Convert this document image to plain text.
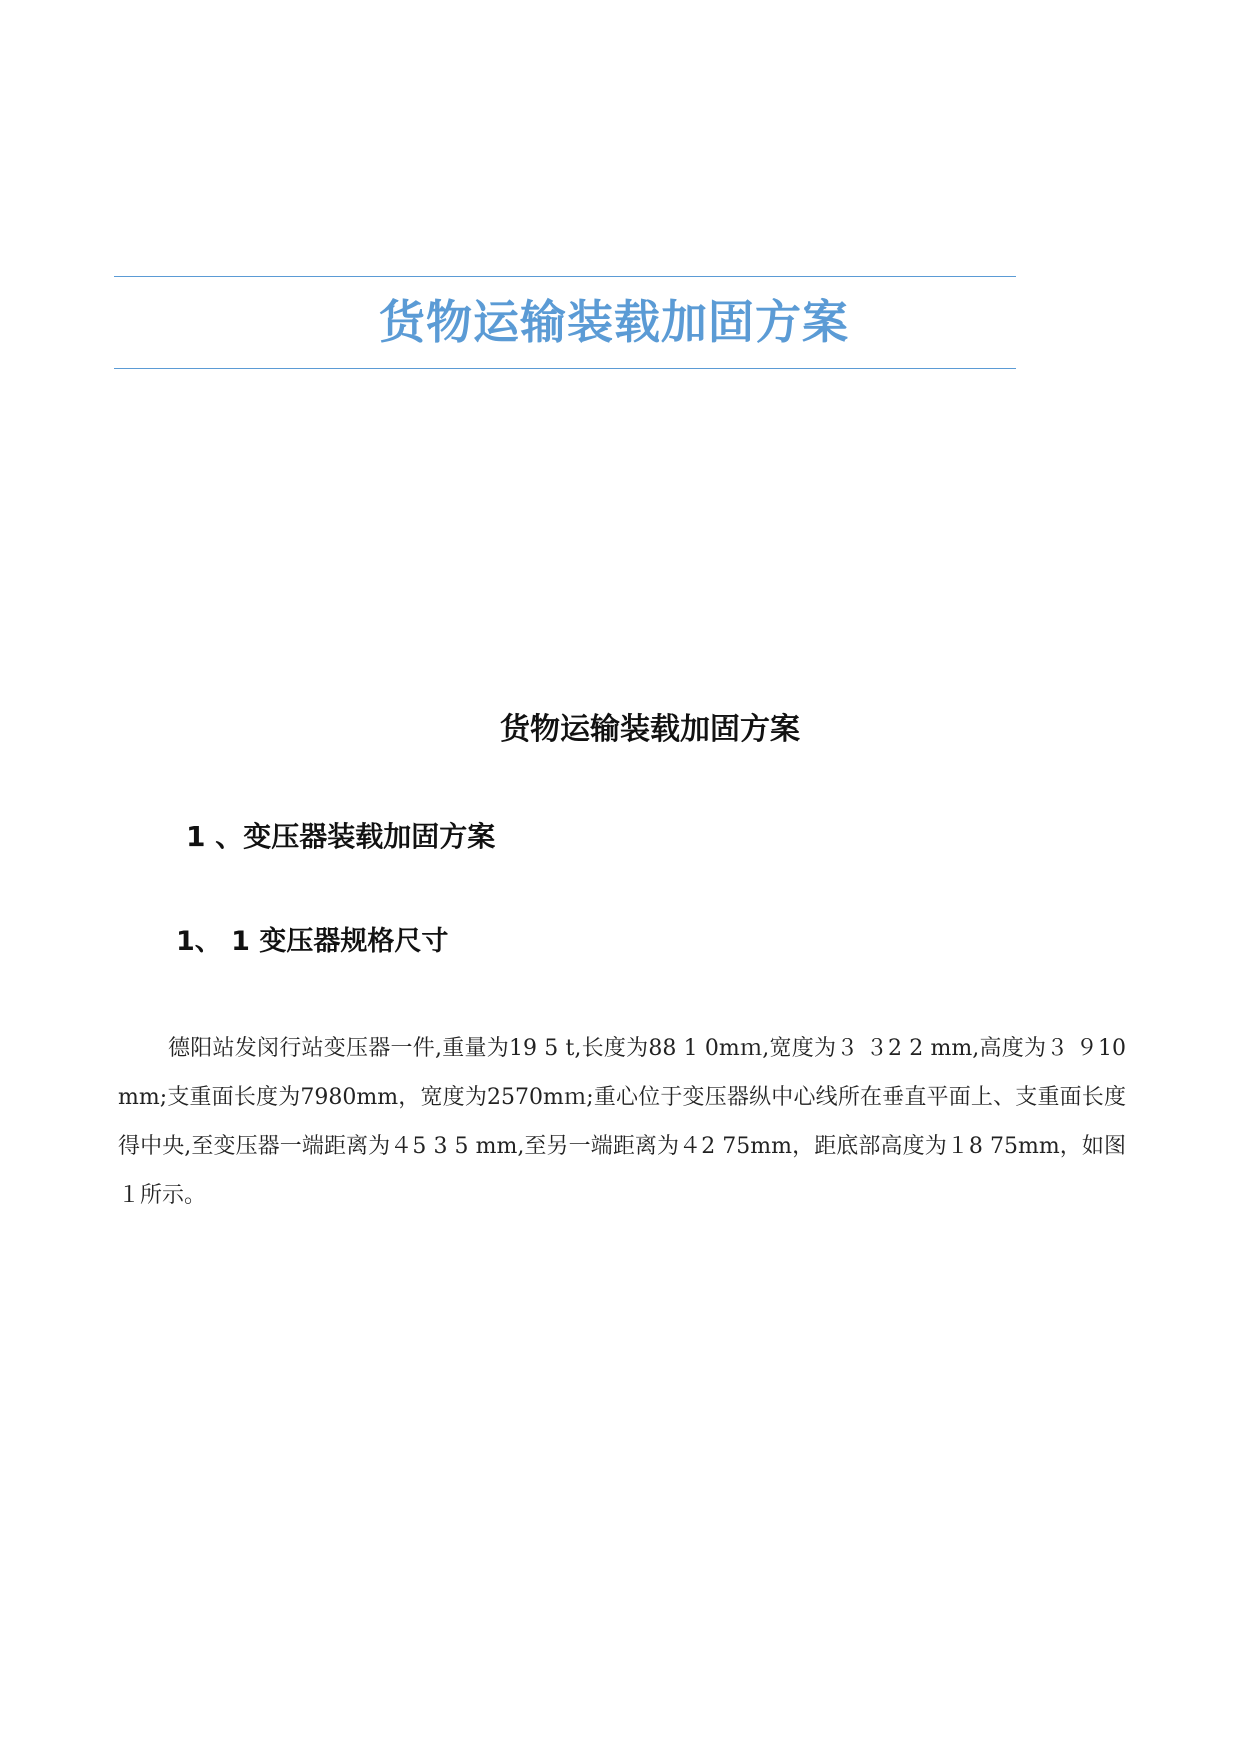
货物运输装载加固方案
货物运输装载加固方案
1 、变压器装载加固方案
1、 1 变压器规格尺寸

德阳站发闵行站变压器一件,重量为19 5 t,长度为88 1 0mｍ,宽度为３ ３2 2 mm,高度为３ ９10mm;支重面长度为7980mm，宽度为2570mｍ;重心位于变压器纵中心线所在垂直平面上、支重面长度得中央,至变压器一端距离为４5 3 5 mm,至另一端距离为４2 75mm，距底部高度为１8 75mm，如图１所示。
